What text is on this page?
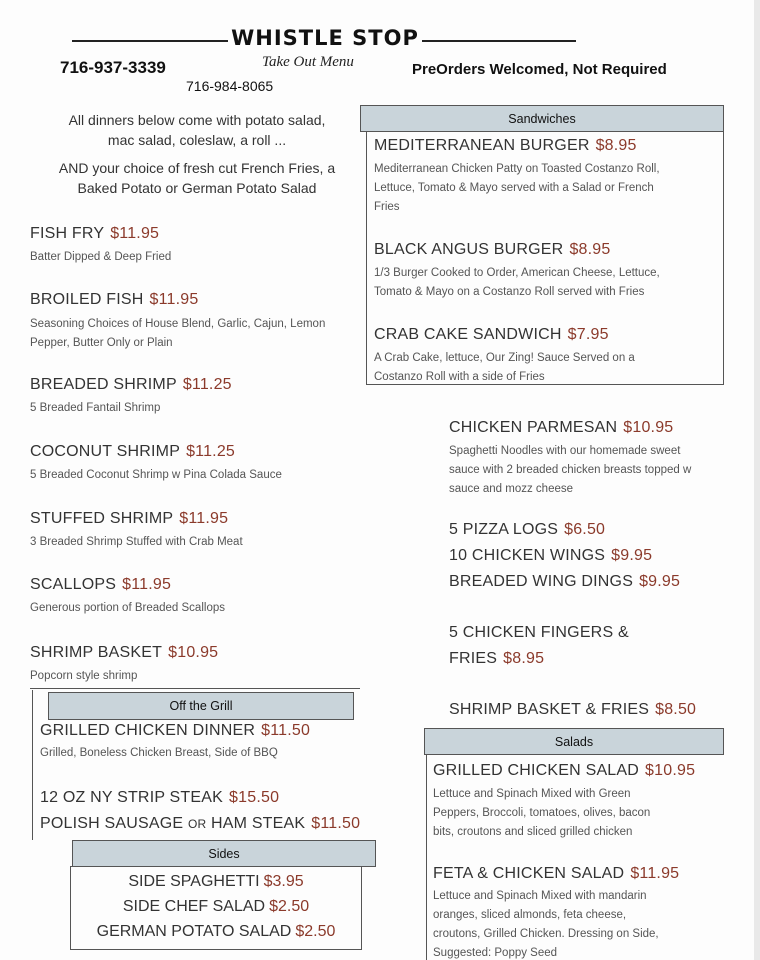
WHISTLE STOP
Take Out Menu
716-937-3339
716-984-8065
PreOrders Welcomed, Not Required
All dinners below come with potato salad,
mac salad, coleslaw, a roll ...
AND your choice of fresh cut French Fries, a
Baked Potato or German Potato Salad
FISH FRY $11.95
Batter Dipped & Deep Fried
BROILED FISH $11.95
Seasoning Choices of House Blend, Garlic, Cajun, Lemon
Pepper, Butter Only or Plain
BREADED SHRIMP $11.25
5 Breaded Fantail Shrimp
COCONUT SHRIMP $11.25
5 Breaded Coconut Shrimp w Pina Colada Sauce
STUFFED SHRIMP $11.95
3 Breaded Shrimp Stuffed with Crab Meat
SCALLOPS $11.95
Generous portion of Breaded Scallops
SHRIMP BASKET $10.95
Popcorn style shrimp
Off the Grill
GRILLED CHICKEN DINNER $11.50
Grilled, Boneless Chicken Breast, Side of BBQ
12 OZ NY STRIP STEAK $15.50
POLISH SAUSAGE OR HAM STEAK $11.50
Sides
SIDE SPAGHETTI $3.95
SIDE CHEF SALAD $2.50
GERMAN POTATO SALAD $2.50
Sandwiches
MEDITERRANEAN BURGER $8.95
Mediterranean Chicken Patty on Toasted Costanzo Roll,
Lettuce, Tomato & Mayo served with a Salad or French
Fries
BLACK ANGUS BURGER $8.95
1/3 Burger Cooked to Order, American Cheese, Lettuce,
Tomato & Mayo on a Costanzo Roll served with Fries
CRAB CAKE SANDWICH $7.95
A Crab Cake, lettuce, Our Zing! Sauce Served on a
Costanzo Roll with a side of Fries
CHICKEN PARMESAN $10.95
Spaghetti Noodles with our homemade sweet
sauce with 2 breaded chicken breasts topped w
sauce and mozz cheese
5 PIZZA LOGS $6.50
10 CHICKEN WINGS $9.95
BREADED WING DINGS $9.95
5 CHICKEN FINGERS &
FRIES $8.95
SHRIMP BASKET & FRIES $8.50
Salads
GRILLED CHICKEN SALAD $10.95
Lettuce and Spinach Mixed with Green
Peppers, Broccoli, tomatoes, olives, bacon
bits, croutons and sliced grilled chicken
FETA & CHICKEN SALAD $11.95
Lettuce and Spinach Mixed with mandarin
oranges, sliced almonds, feta cheese,
croutons, Grilled Chicken. Dressing on Side,
Suggested: Poppy Seed
